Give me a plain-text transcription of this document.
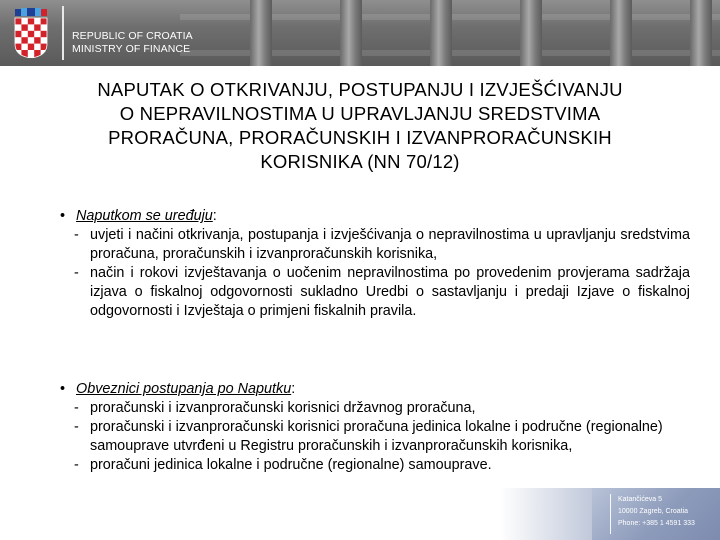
REPUBLIC OF CROATIA
MINISTRY OF FINANCE
NAPUTAK O OTKRIVANJU, POSTUPANJU I IZVJEŠĆIVANJU
O NEPRAVILNOSTIMA U UPRAVLJANJU SREDSTVIMA
PRORAČUNA, PRORAČUNSKIH I IZVANPRORAČUNSKIH
KORISNIKA (NN 70/12)
• Naputkom se uređuju:
- uvjeti i načini otkrivanja, postupanja i izvješćivanja o nepravilnostima u upravljanju sredstvima proračuna, proračunskih i izvanproračunskih korisnika,
- način i rokovi izvještavanja o uočenim nepravilnostima po provedenim provjerama sadržaja izjava o fiskalnoj odgovornosti sukladno Uredbi o sastavljanju i predaji Izjave o fiskalnoj odgovornosti i Izvještaja o primjeni fiskalnih pravila.
• Obveznici postupanja po Naputku:
- proračunski i izvanproračunski korisnici državnog proračuna,
- proračunski i izvanproračunski korisnici proračuna jedinica lokalne i područne (regionalne) samouprave utvrđeni u Registru proračunskih i izvanproračunskih korisnika,
- proračuni jedinica lokalne i područne (regionalne) samouprave.
Katančićeva 5
10000 Zagreb, Croatia
Phone: +385 1 4591 333
